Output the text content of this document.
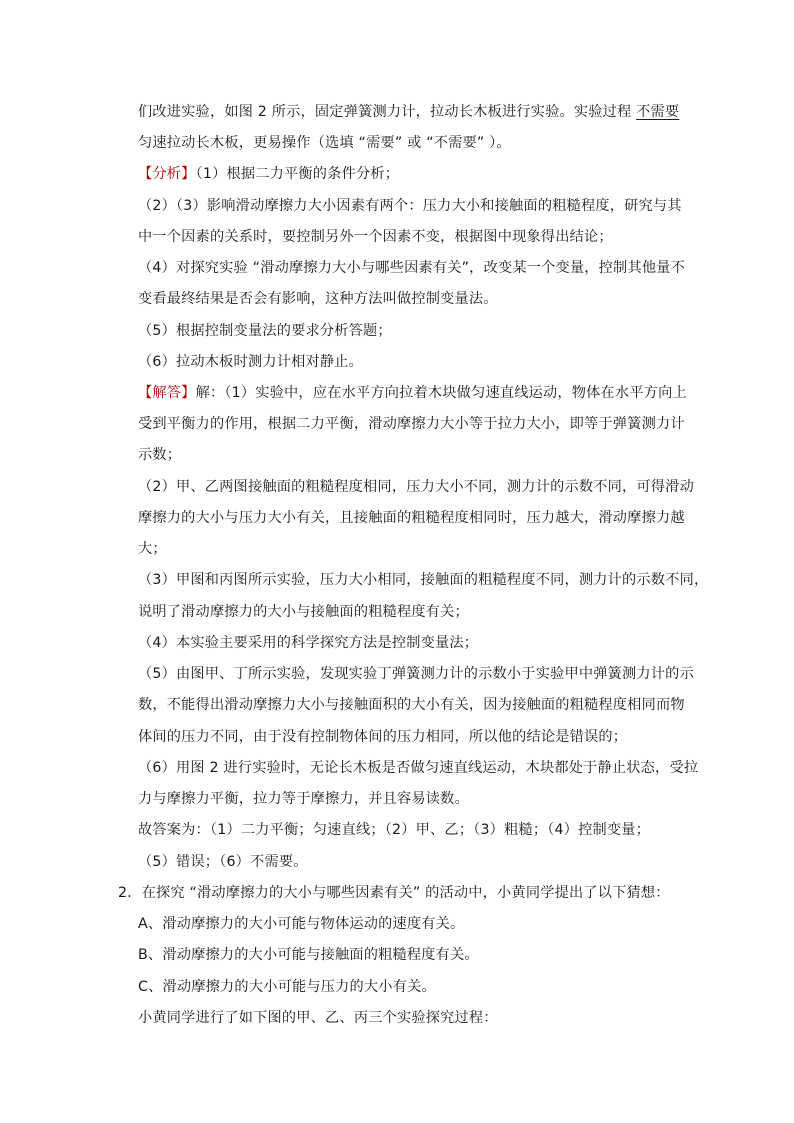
们改进实验，如图 2 所示，固定弹簧测力计，拉动长木板进行实验。实验过程 不需要
匀速拉动长木板，更易操作（选填 “需要” 或 “不需要” ）。
【分析】（1）根据二力平衡的条件分析；
（2）（3）影响滑动摩擦力大小因素有两个：压力大小和接触面的粗糙程度，研究与其
中一个因素的关系时，要控制另外一个因素不变，根据图中现象得出结论；
（4）对探究实验 “滑动摩擦力大小与哪些因素有关”，改变某一个变量，控制其他量不
变看最终结果是否会有影响，这种方法叫做控制变量法。
（5）根据控制变量法的要求分析答题；
（6）拉动木板时测力计相对静止。
【解答】解：（1）实验中，应在水平方向拉着木块做匀速直线运动，物体在水平方向上
受到平衡力的作用，根据二力平衡，滑动摩擦力大小等于拉力大小，即等于弹簧测力计
示数；
（2）甲、乙两图接触面的粗糙程度相同，压力大小不同，测力计的示数不同，可得滑动
摩擦力的大小与压力大小有关，且接触面的粗糙程度相同时，压力越大，滑动摩擦力越
大；
（3）甲图和丙图所示实验，压力大小相同，接触面的粗糙程度不同，测力计的示数不同，
说明了滑动摩擦力的大小与接触面的粗糙程度有关；
（4）本实验主要采用的科学探究方法是控制变量法；
（5）由图甲、丁所示实验，发现实验丁弹簧测力计的示数小于实验甲中弹簧测力计的示
数，不能得出滑动摩擦力大小与接触面积的大小有关，因为接触面的粗糙程度相同而物
体间的压力不同，由于没有控制物体间的压力相同，所以他的结论是错误的；
（6）用图 2 进行实验时，无论长木板是否做匀速直线运动，木块都处于静止状态，受拉
力与摩擦力平衡，拉力等于摩擦力，并且容易读数。
故答案为：（1）二力平衡；匀速直线；（2）甲、乙；（3）粗糙；（4）控制变量；
（5）错误；（6）不需要。
2．在探究 “滑动摩擦力的大小与哪些因素有关” 的活动中，小黄同学提出了以下猜想：
A、滑动摩擦力的大小可能与物体运动的速度有关。
B、滑动摩擦力的大小可能与接触面的粗糙程度有关。
C、滑动摩擦力的大小可能与压力的大小有关。
小黄同学进行了如下图的甲、乙、丙三个实验探究过程：
